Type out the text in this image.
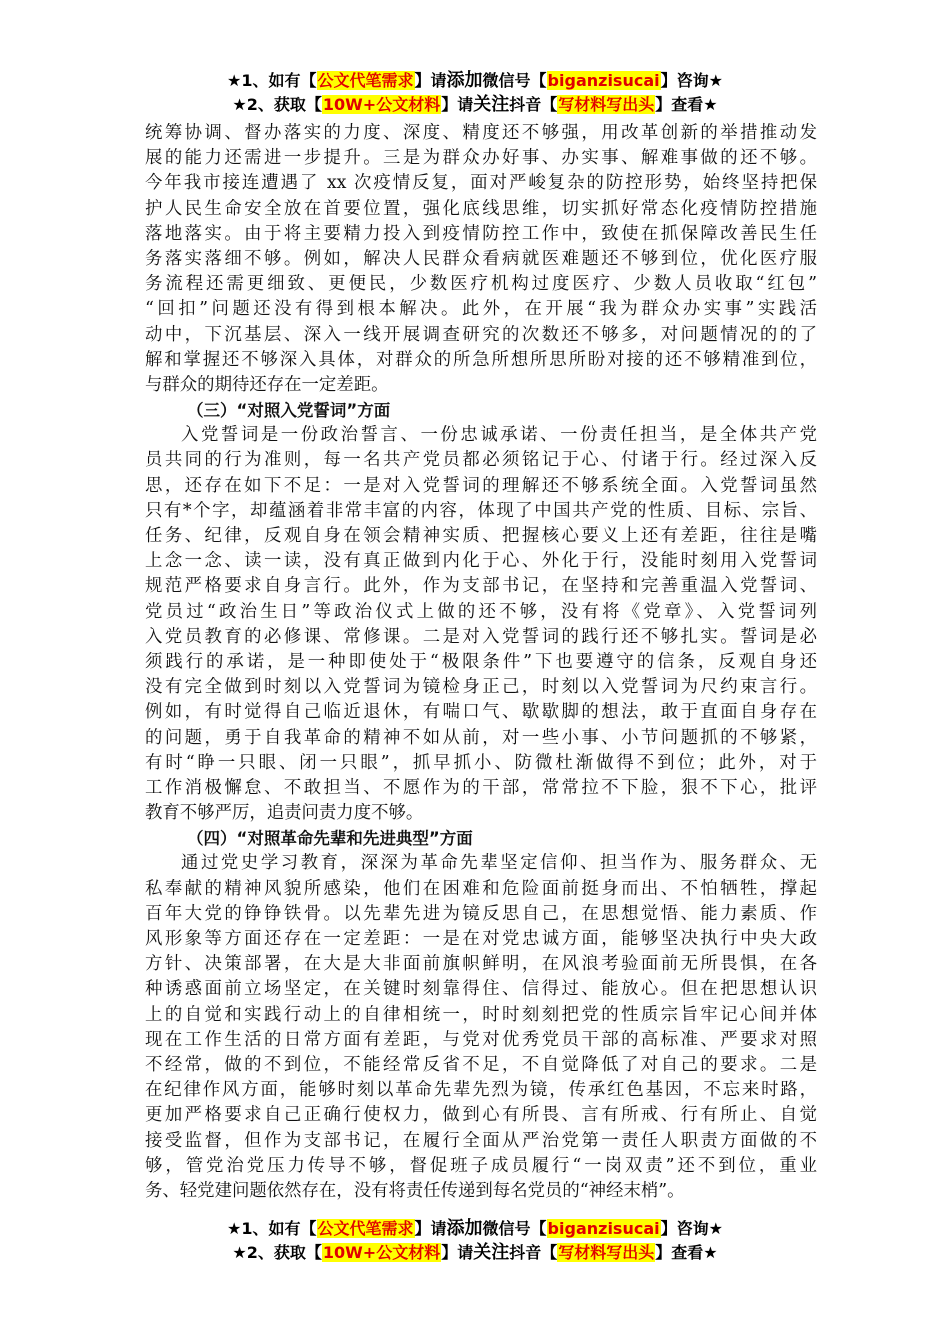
★1、如有【公文代笔需求】请添加微信号【biganzisucai】咨询★
★2、获取【10W+公文材料】请关注抖音【写材料写出头】查看★
统筹协调、督办落实的力度、深度、精度还不够强，用改革创新的举措推动发
展的能力还需进一步提升。三是为群众办好事、办实事、解难事做的还不够。
今年我市接连遭遇了 xx 次疫情反复，面对严峻复杂的防控形势，始终坚持把保
护人民生命安全放在首要位置，强化底线思维，切实抓好常态化疫情防控措施
落地落实。由于将主要精力投入到疫情防控工作中，致使在抓保障改善民生任
务落实落细不够。例如，解决人民群众看病就医难题还不够到位，优化医疗服
务流程还需更细致、更便民，少数医疗机构过度医疗、少数人员收取“红包”
“回扣”问题还没有得到根本解决。此外，在开展“我为群众办实事”实践活
动中，下沉基层、深入一线开展调查研究的次数还不够多，对问题情况的的了
解和掌握还不够深入具体，对群众的所急所想所思所盼对接的还不够精准到位，
与群众的期待还存在一定差距。
（三）“对照入党誓词”方面
入党誓词是一份政治誓言、一份忠诚承诺、一份责任担当，是全体共产党
员共同的行为准则，每一名共产党员都必须铭记于心、付诸于行。经过深入反
思，还存在如下不足：一是对入党誓词的理解还不够系统全面。入党誓词虽然
只有*个字，却蕴涵着非常丰富的内容，体现了中国共产党的性质、目标、宗旨、
任务、纪律，反观自身在领会精神实质、把握核心要义上还有差距，往往是嘴
上念一念、读一读，没有真正做到内化于心、外化于行，没能时刻用入党誓词
规范严格要求自身言行。此外，作为支部书记，在坚持和完善重温入党誓词、
党员过“政治生日”等政治仪式上做的还不够，没有将《党章》、入党誓词列
入党员教育的必修课、常修课。二是对入党誓词的践行还不够扎实。誓词是必
须践行的承诺，是一种即使处于“极限条件”下也要遵守的信条，反观自身还
没有完全做到时刻以入党誓词为镜检身正己，时刻以入党誓词为尺约束言行。
例如，有时觉得自己临近退休，有喘口气、歇歇脚的想法，敢于直面自身存在
的问题，勇于自我革命的精神不如从前，对一些小事、小节问题抓的不够紧，
有时“睁一只眼、闭一只眼”，抓早抓小、防微杜渐做得不到位；此外，对于
工作消极懈怠、不敢担当、不愿作为的干部，常常拉不下脸，狠不下心，批评
教育不够严厉，追责问责力度不够。
（四）“对照革命先辈和先进典型”方面
通过党史学习教育，深深为革命先辈坚定信仰、担当作为、服务群众、无
私奉献的精神风貌所感染，他们在困难和危险面前挺身而出、不怕牺牲，撑起
百年大党的铮铮铁骨。以先辈先进为镜反思自己，在思想觉悟、能力素质、作
风形象等方面还存在一定差距：一是在对党忠诚方面，能够坚决执行中央大政
方针、决策部署，在大是大非面前旗帜鲜明，在风浪考验面前无所畏惧，在各
种诱惑面前立场坚定，在关键时刻靠得住、信得过、能放心。但在把思想认识
上的自觉和实践行动上的自律相统一，时时刻刻把党的性质宗旨牢记心间并体
现在工作生活的日常方面有差距，与党对优秀党员干部的高标准、严要求对照
不经常，做的不到位，不能经常反省不足，不自觉降低了对自己的要求。二是
在纪律作风方面，能够时刻以革命先辈先烈为镜，传承红色基因，不忘来时路，
更加严格要求自己正确行使权力，做到心有所畏、言有所戒、行有所止、自觉
接受监督，但作为支部书记，在履行全面从严治党第一责任人职责方面做的不
够，管党治党压力传导不够，督促班子成员履行“一岗双责”还不到位，重业
务、轻党建问题依然存在，没有将责任传递到每名党员的“神经末梢”。
★1、如有【公文代笔需求】请添加微信号【biganzisucai】咨询★
★2、获取【10W+公文材料】请关注抖音【写材料写出头】查看★
